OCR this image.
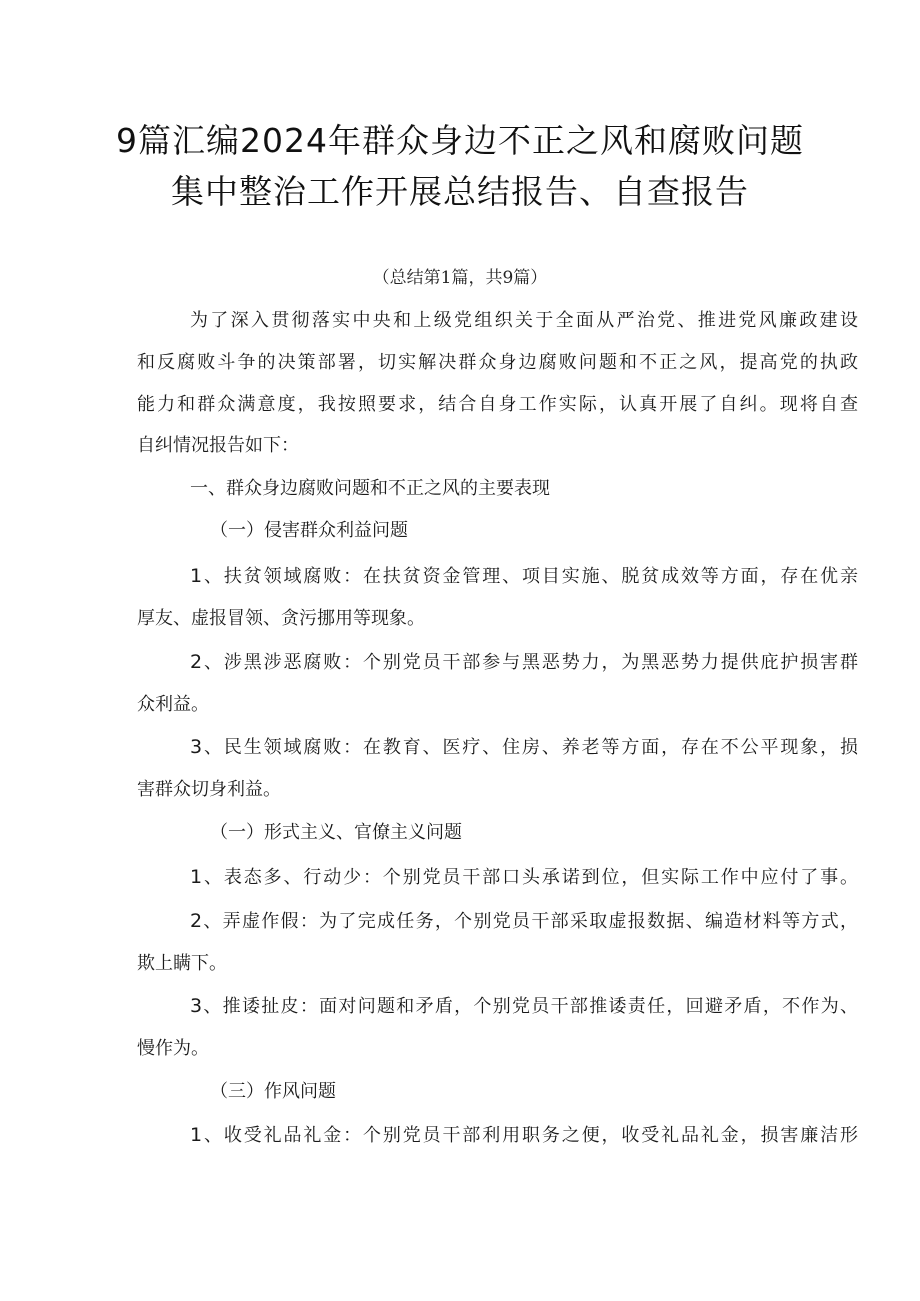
9篇汇编2024年群众身边不正之风和腐败问题
集中整治工作开展总结报告、自查报告
（总结第1篇，共9篇）
为了深入贯彻落实中央和上级党组织关于全面从严治党、推进党风廉政建设
和反腐败斗争的决策部署，切实解决群众身边腐败问题和不正之风，提高党的执政
能力和群众满意度，我按照要求，结合自身工作实际，认真开展了自纠。现将自查
自纠情况报告如下：
一、群众身边腐败问题和不正之风的主要表现
（一）侵害群众利益问题
1、扶贫领域腐败：在扶贫资金管理、项目实施、脱贫成效等方面，存在优亲
厚友、虚报冒领、贪污挪用等现象。
2、涉黑涉恶腐败：个别党员干部参与黑恶势力，为黑恶势力提供庇护损害群
众利益。
3、民生领域腐败：在教育、医疗、住房、养老等方面，存在不公平现象，损
害群众切身利益。
（一）形式主义、官僚主义问题
1、表态多、行动少：个别党员干部口头承诺到位，但实际工作中应付了事。
2、弄虚作假：为了完成任务，个别党员干部采取虚报数据、编造材料等方式，
欺上瞒下。
3、推诿扯皮：面对问题和矛盾，个别党员干部推诿责任，回避矛盾，不作为、
慢作为。
（三）作风问题
1、收受礼品礼金：个别党员干部利用职务之便，收受礼品礼金，损害廉洁形
